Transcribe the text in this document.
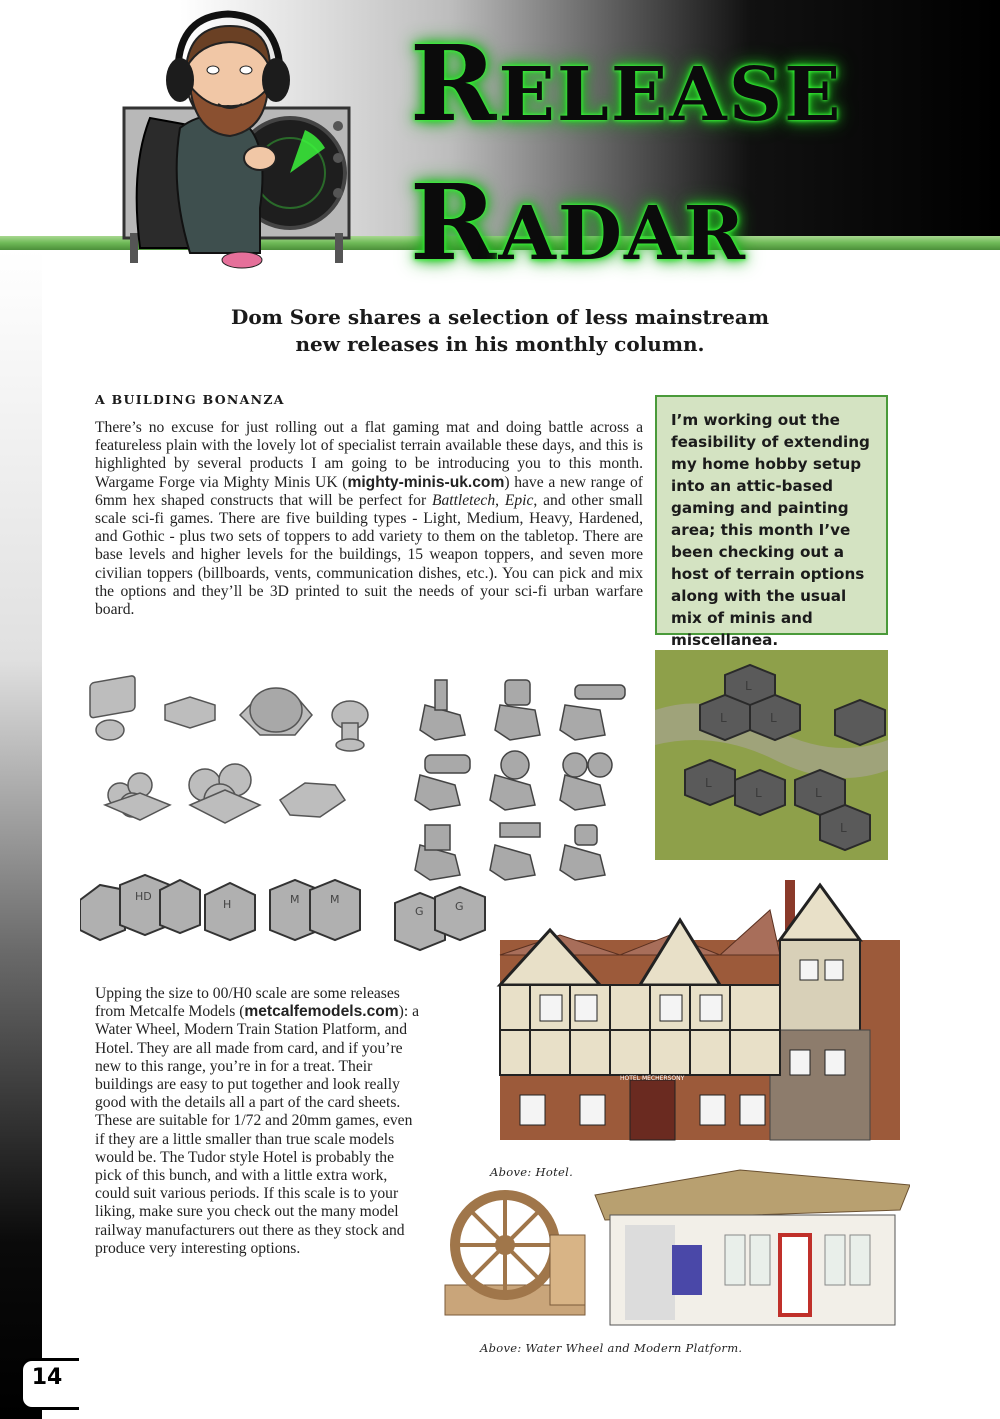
RELEASE
RADAR
14
Dom Sore shares a selection of less mainstream
new releases in his monthly column.
A BUILDING BONANZA
There’s no excuse for just rolling out a flat gaming mat and doing battle across a featureless plain with the lovely lot of specialist terrain available these days, and this is highlighted by several products I am going to be introducing you to this month. Wargame Forge via Mighty Minis UK (mighty-minis-uk.com) have a new range of 6mm hex shaped constructs that will be perfect for Battletech, Epic, and other small scale sci-fi games. There are five building types - Light, Medium, Heavy, Hardened, and Gothic - plus two sets of toppers to add variety to them on the tabletop. There are base levels and higher levels for the buildings, 15 weapon toppers, and seven more civilian toppers (billboards, vents, communication dishes, etc.). You can pick and mix the options and they’ll be 3D printed to suit the needs of your sci-fi urban warfare board.
I’m working out the feasibility of extending my home hobby setup into an attic-based gaming and painting area; this month I’ve been checking out a host of terrain options along with the usual mix of minis and miscellanea.
L
L	L
L
L	L
L
HD
H	M	M
G	G
HOTEL MECHERSONY
Above: Hotel.
Above: Water Wheel and Modern Platform.
Upping the size to 00/H0 scale are some releases from Metcalfe Models (metcalfemodels.com): a Water Wheel, Modern Train Station Platform, and Hotel. They are all made from card, and if you’re new to this range, you’re in for a treat. Their buildings are easy to put together and look really good with the details all a part of the card sheets. These are suitable for 1/72 and 20mm games, even if they are a little smaller than true scale models would be. The Tudor style Hotel is probably the pick of this bunch, and with a little extra work, could suit various periods. If this scale is to your liking, make sure you check out the many model railway manufacturers out there as they stock and produce very interesting options.
